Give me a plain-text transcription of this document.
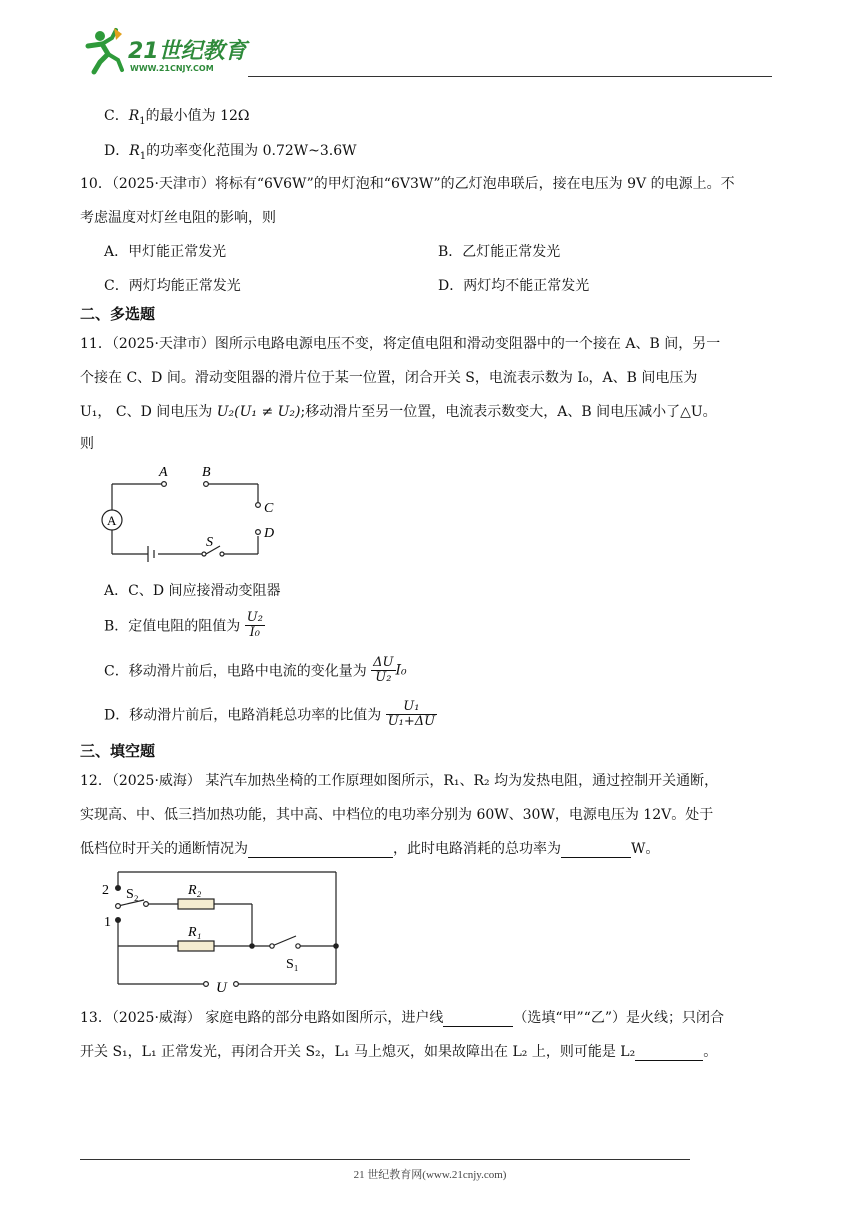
21世纪教育
WWW.21CNJY.COM
C．$R_1$的最小值为 12Ω
D．$R_1$的功率变化范围为 0.72W~3.6W
10．（2025·天津市）将标有“6V6W”的甲灯泡和“6V3W”的乙灯泡串联后，接在电压为 9V 的电源上。不
考虑温度对灯丝电阻的影响，则
A．甲灯能正常发光	B．乙灯能正常发光
C．两灯均能正常发光	D．两灯均不能正常发光
二、多选题
11．（2025·天津市）图所示电路电源电压不变，将定值电阻和滑动变阻器中的一个接在 A、B 间，另一
个接在 C、D 间。滑动变阻器的滑片位于某一位置，闭合开关 S，电流表示数为 I₀，A、B 间电压为
U₁， C、D 间电压为 U₂(U₁ ≠ U₂);移动滑片至另一位置，电流表示数变大，A、B 间电压减小了△U。
则
A
A B
C
D
S
A．C、D 间应接滑动变阻器
B．定值电阻的阻值为 $\frac{\text{U₂}}{\text{I₀}}$
C．移动滑片前后，电路中电流的变化量为 $\frac{\Delta U}{\text{U₂}} I_0$
D．移动滑片前后，电路消耗总功率的比值为 $\frac{\text{U₁}}{\text{U₁+ΔU}}$
三、填空题
12．（2025·威海） 某汽车加热坐椅的工作原理如图所示，R₁、R₂ 均为发热电阻，通过控制开关通断，
实现高、中、低三挡加热功能，其中高、中档位的电功率分别为 60W、30W，电源电压为 12V。处于
低档位时开关的通断情况为	，此时电路消耗的总功率为	W。
2
1
S₂	R₂
R₁
S₁
U
13．（2025·威海） 家庭电路的部分电路如图所示，进户线	（选填“甲”“乙”）是火线；只闭合
开关 S₁，L₁ 正常发光，再闭合开关 S₂，L₁ 马上熄灭，如果故障出在 L₂ 上，则可能是 L₂	。
21 世纪教育网(www.21cnjy.com)
